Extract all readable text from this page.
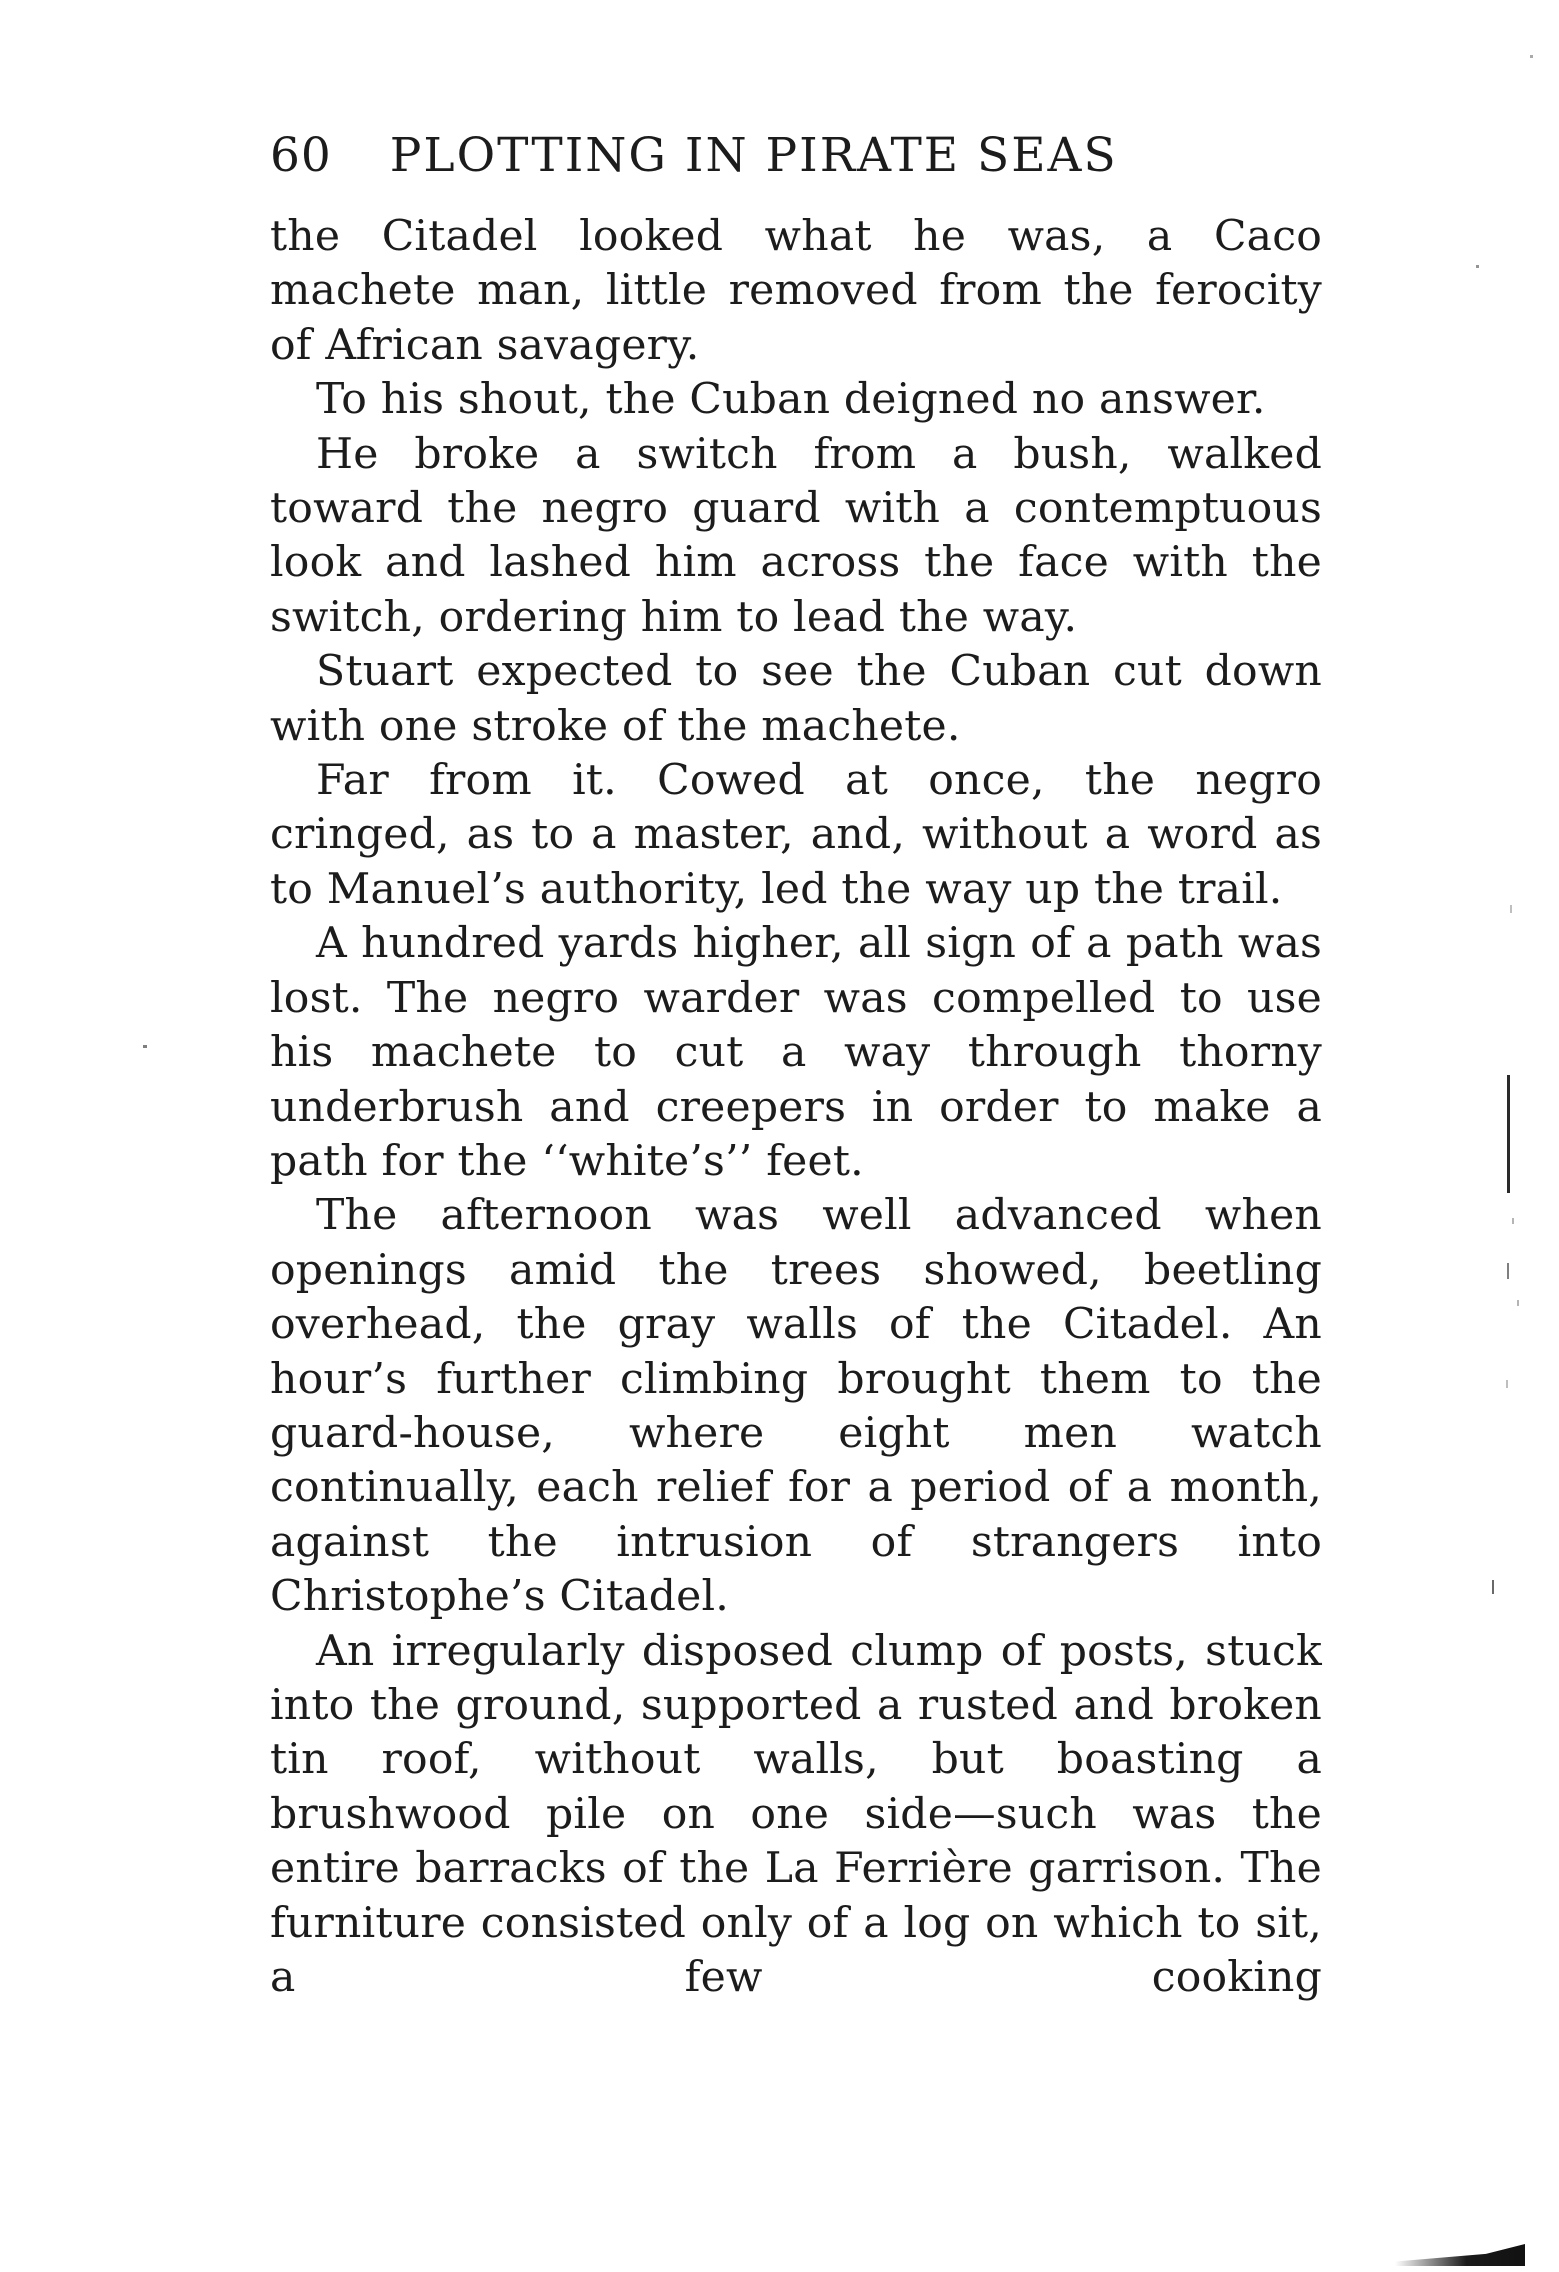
60 PLOTTING IN PIRATE SEAS

the Citadel looked what he was, a Caco machete man, little removed from the ferocity of African savagery.

To his shout, the Cuban deigned no answer.

He broke a switch from a bush, walked toward the negro guard with a contemptuous look and lashed him across the face with the switch, ordering him to lead the way.

Stuart expected to see the Cuban cut down with one stroke of the machete.

Far from it. Cowed at once, the negro cringed, as to a master, and, without a word as to Manuel’s authority, led the way up the trail.

A hundred yards higher, all sign of a path was lost. The negro warder was compelled to use his machete to cut a way through thorny underbrush and creepers in order to make a path for the ‘‘white’s’’ feet.

The afternoon was well advanced when openings amid the trees showed, beetling overhead, the gray walls of the Citadel. An hour’s further climbing brought them to the guard-house, where eight men watch continually, each relief for a period of a month, against the intrusion of strangers into Christophe’s Citadel.

An irregularly disposed clump of posts, stuck into the ground, supported a rusted and broken tin roof, without walls, but boasting a brushwood pile on one side—such was the entire barracks of the La Ferrière garrison. The furniture consisted only of a log on which to sit, a few cooking
